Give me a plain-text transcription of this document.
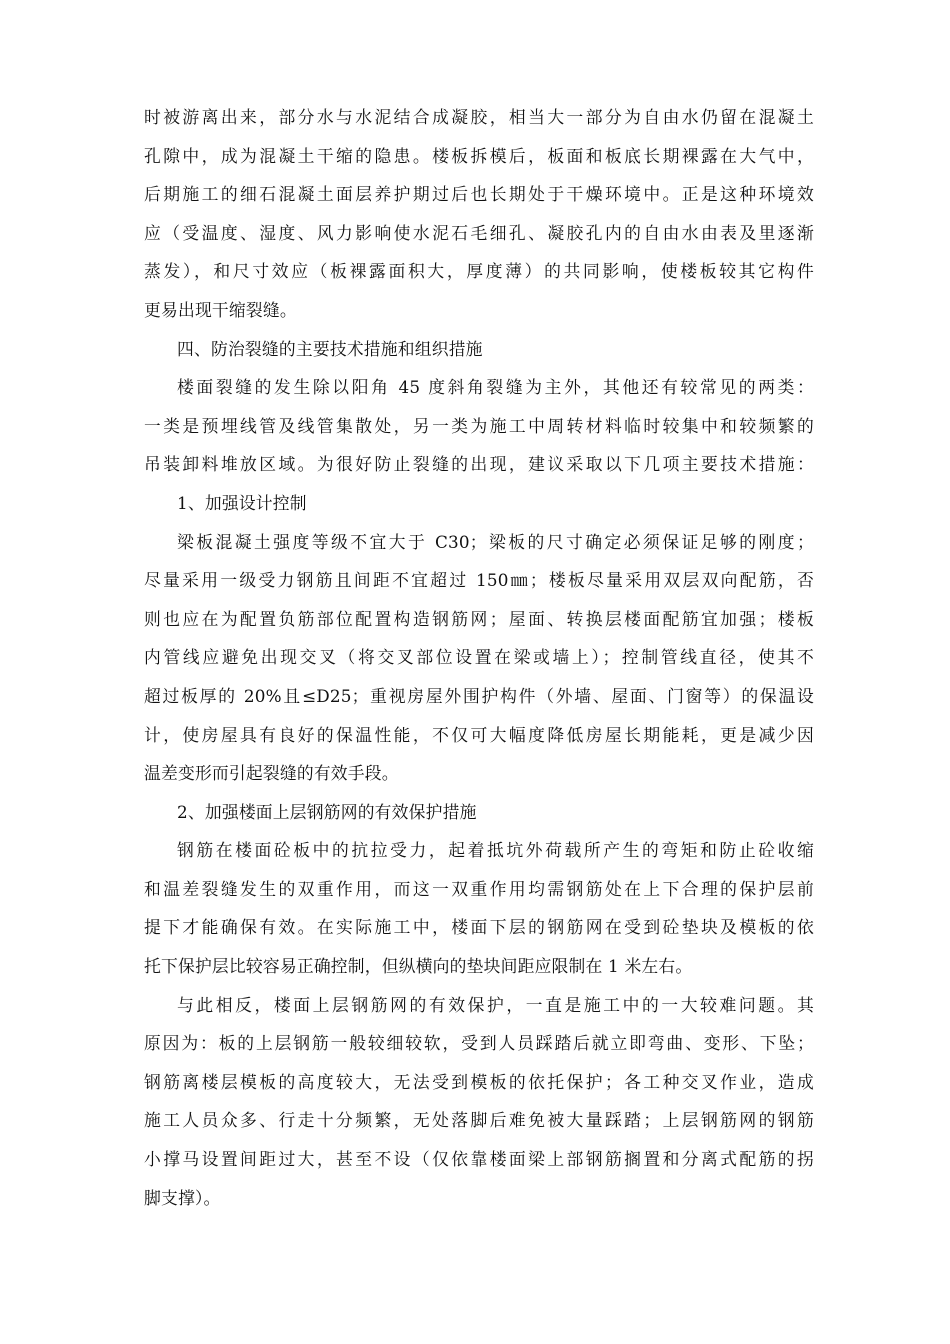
时被游离出来，部分水与水泥结合成凝胶，相当大一部分为自由水仍留在混凝土
孔隙中，成为混凝土干缩的隐患。楼板拆模后，板面和板底长期裸露在大气中，
后期施工的细石混凝土面层养护期过后也长期处于干燥环境中。正是这种环境效
应（受温度、湿度、风力影响使水泥石毛细孔、凝胶孔内的自由水由表及里逐渐
蒸发），和尺寸效应（板裸露面积大，厚度薄）的共同影响，使楼板较其它构件
更易出现干缩裂缝。
四、防治裂缝的主要技术措施和组织措施
楼面裂缝的发生除以阳角 45 度斜角裂缝为主外，其他还有较常见的两类：
一类是预埋线管及线管集散处，另一类为施工中周转材料临时较集中和较频繁的
吊装卸料堆放区域。为很好防止裂缝的出现，建议采取以下几项主要技术措施：
1、加强设计控制
梁板混凝土强度等级不宜大于 C30；梁板的尺寸确定必须保证足够的刚度；
尽量采用一级受力钢筋且间距不宜超过 150㎜；楼板尽量采用双层双向配筋，否
则也应在为配置负筋部位配置构造钢筋网；屋面、转换层楼面配筋宜加强；楼板
内管线应避免出现交叉（将交叉部位设置在梁或墙上）；控制管线直径，使其不
超过板厚的 20%且≤D25；重视房屋外围护构件（外墙、屋面、门窗等）的保温设
计，使房屋具有良好的保温性能，不仅可大幅度降低房屋长期能耗，更是减少因
温差变形而引起裂缝的有效手段。
2、加强楼面上层钢筋网的有效保护措施
钢筋在楼面砼板中的抗拉受力，起着抵坑外荷载所产生的弯矩和防止砼收缩
和温差裂缝发生的双重作用，而这一双重作用均需钢筋处在上下合理的保护层前
提下才能确保有效。在实际施工中，楼面下层的钢筋网在受到砼垫块及模板的依
托下保护层比较容易正确控制，但纵横向的垫块间距应限制在 1 米左右。
与此相反，楼面上层钢筋网的有效保护，一直是施工中的一大较难问题。其
原因为：板的上层钢筋一般较细较软，受到人员踩踏后就立即弯曲、变形、下坠；
钢筋离楼层模板的高度较大，无法受到模板的依托保护；各工种交叉作业，造成
施工人员众多、行走十分频繁，无处落脚后难免被大量踩踏；上层钢筋网的钢筋
小撑马设置间距过大，甚至不设（仅依靠楼面梁上部钢筋搁置和分离式配筋的拐
脚支撑）。
